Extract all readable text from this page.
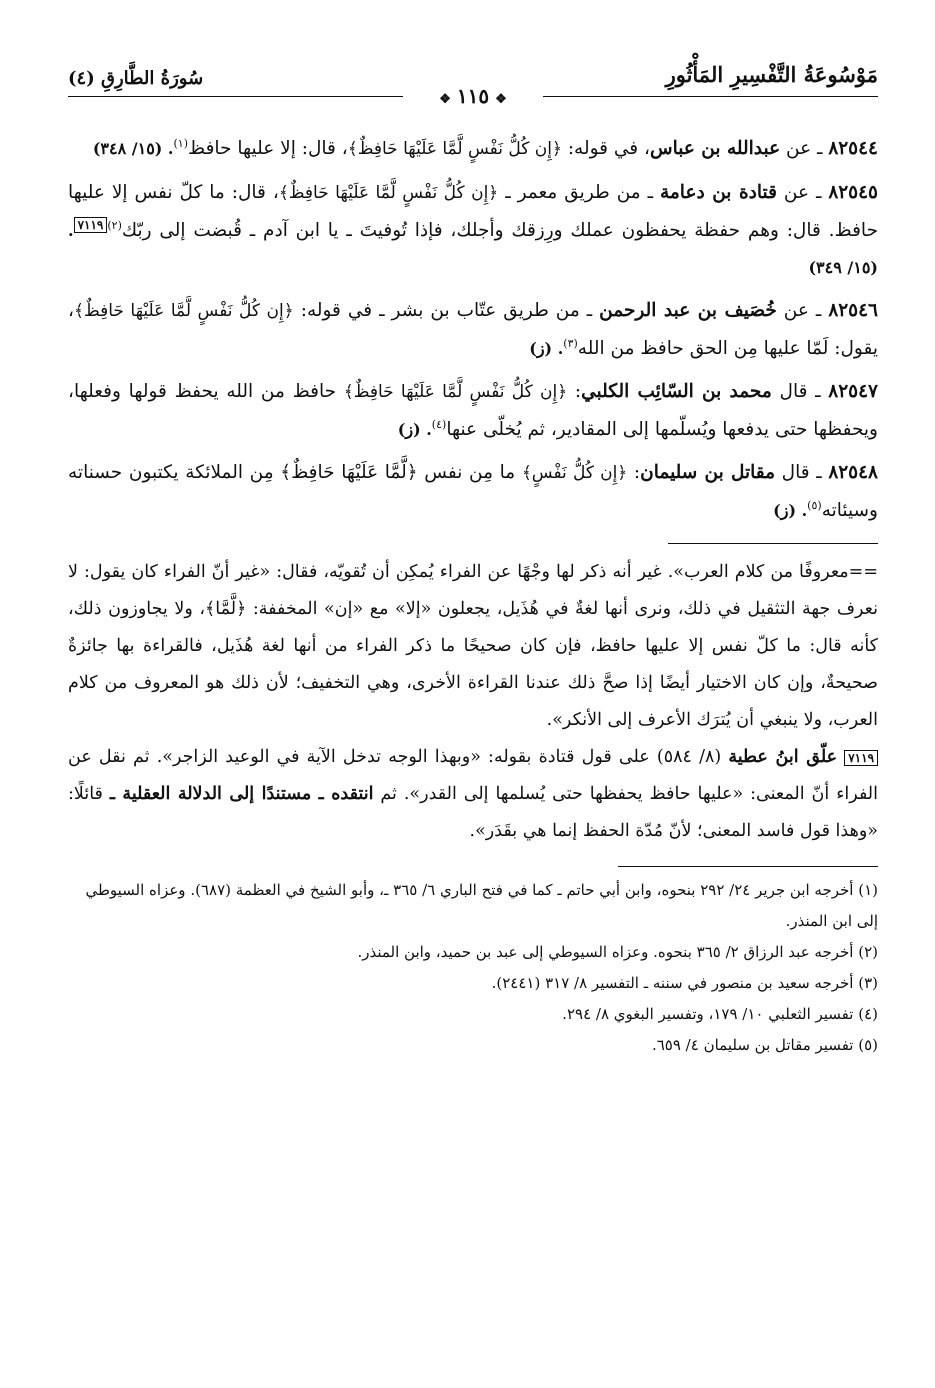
مَوْسُوعَةُ التَّفْسِيرِ المَأْثُورِ
سُورَةُ الطَّارِقِ (٤)
❖١١٥❖
٨٢٥٤٤ ـ عن عبدالله بن عباس، في قوله: ﴿إِن كُلُّ نَفْسٍ لَّمَّا عَلَيْهَا حَافِظٌ﴾، قال: إلا عليها حافظ$^{(١)}$. (١٥/ ٣٤٨)
٨٢٥٤٥ ـ عن قتادة بن دعامة ـ من طريق معمر ـ ﴿إِن كُلُّ نَفْسٍ لَّمَّا عَلَيْهَا حَافِظٌ﴾، قال: ما كلّ نفس إلا عليها حافظ. قال: وهم حفظة يحفظون عملك ورِزقك وأجلك، فإذا تُوفيتَ ـ يا ابن آدم ـ قُبضت إلى ربّك$^{(٢)}$٧١١٩. (١٥/ ٣٤٩)
٨٢٥٤٦ ـ عن خُصَيف بن عبد الرحمن ـ من طريق عتّاب بن بشر ـ في قوله: ﴿إِن كُلُّ نَفْسٍ لَّمَّا عَلَيْهَا حَافِظٌ﴾، يقول: لَمّا عليها مِن الحق حافظ من الله$^{(٣)}$. (ز)
٨٢٥٤٧ ـ قال محمد بن السّائِب الكلبي: ﴿إِن كُلُّ نَفْسٍ لَّمَّا عَلَيْهَا حَافِظٌ﴾ حافظ من الله يحفظ قولها وفعلها، ويحفظها حتى يدفعها ويُسلّمها إلى المقادير، ثم يُخلّى عنها$^{(٤)}$. (ز)
٨٢٥٤٨ ـ قال مقاتل بن سليمان: ﴿إِن كُلُّ نَفْسٍ﴾ ما مِن نفس ﴿لَّمَّا عَلَيْهَا حَافِظٌ﴾ مِن الملائكة يكتبون حسناته وسيئاته$^{(٥)}$. (ز)
==معروفًا من كلام العرب». غير أنه ذكر لها وجْهًا عن الفراء يُمكِن أن تُقويّه، فقال: «غير أنّ الفراء كان يقول: لا نعرف جهة التثقيل في ذلك، ونرى أنها لغةٌ في هُذَيل، يجعلون «إلا» مع «إن» المخففة: ﴿لَّمَّا﴾، ولا يجاوزون ذلك، كأنه قال: ما كلّ نفس إلا عليها حافظ، فإن كان صحيحًا ما ذكر الفراء من أنها لغة هُذَيل، فالقراءة بها جائزةٌ صحيحةٌ، وإن كان الاختيار أيضًا إذا صحَّ ذلك عندنا القراءة الأخرى، وهي التخفيف؛ لأن ذلك هو المعروف من كلام العرب، ولا ينبغي أن يُترَك الأعرف إلى الأنكر».
٧١١٩ علّق ابنُ عطية (٨/ ٥٨٤) على قول قتادة بقوله: «وبهذا الوجه تدخل الآية في الوعيد الزاجر». ثم نقل عن الفراء أنّ المعنى: «عليها حافظ يحفظها حتى يُسلمها إلى القدر». ثم انتقده ـ مستندًا إلى الدلالة العقلية ـ قائلًا: «وهذا قول فاسد المعنى؛ لأنّ مُدّة الحفظ إنما هي بقَدَر».
(١) أخرجه ابن جرير ٢٤/ ٢٩٢ بنحوه، وابن أبي حاتم ـ كما في فتح الباري ٦/ ٣٦٥ ـ، وأبو الشيخ في العظمة (٦٨٧). وعزاه السيوطي إلى ابن المنذر.
(٢) أخرجه عبد الرزاق ٢/ ٣٦٥ بنحوه. وعزاه السيوطي إلى عبد بن حميد، وابن المنذر.
(٣) أخرجه سعيد بن منصور في سننه ـ التفسير ٨/ ٣١٧ (٢٤٤١).
(٤) تفسير الثعلبي ١٠/ ١٧٩، وتفسير البغوي ٨/ ٢٩٤.
(٥) تفسير مقاتل بن سليمان ٤/ ٦٥٩.
